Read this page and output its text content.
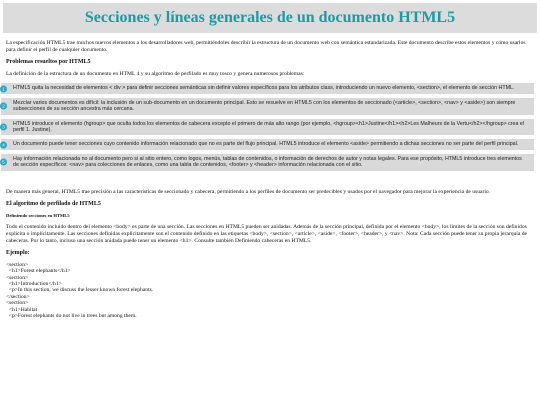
Secciones y líneas generales de un documento HTML5

La especificación HTML5 trae muchos nuevos elementos a los desarrolladores web, permitiéndoles describir la estructura de un documento web con semántica estandarizada. Este documento describe estos elementos y cómo usarlos para definir el perfil de cualquier documento.

Problemas resueltos por HTML5

La definición de la estructura de un documento en HTML 4 y su algoritmo de perfilado es muy tosco y genera numerosos problemas:

1	HTML5 quita la necesidad de elementos < div > para definir secciones semánticas sin definir valores específicos para los atributos class, introduciendo un nuevo elemento, <section>, el elemento de sección HTML.
2
Mezclar varios documentos es difícil: la inclusión de un sub-documento en un documento principal. Esto se resuelve en HTML5 con los elementos de seccionado (<article>, <section>, <nav> y <aside>) son siempre subsecciones de su sección ancestra más cercana.
3
HTML5 introduce el elemento (hgroup> que oculta todos los elementos de cabecera excepto el primero de más alto rango (por ejemplo, <hgroup><h1>Justine</h1><h2>Les Malheurs de la Vertu</h2></hgroup> crea el perfil 1. Justine).
4	Un documento puede tener secciones cuyo contenido información relacionado que no es parte del flujo principal. HTML5 introduce el elemento <aside> permitiendo a dichas secciones no ser parte del perfil principal.
5
Hay información relacionada no al documento pero si al sitio entero, como logos, menús, tablas de contenidos, o información de derechos de autor y notas legales. Para ese propósito, HTML5 introduce tres elementos de sección específicos: <nav> para colecciones de enlaces, como una tabla de contenidos, <footer> y <header> información relacionada con el sitio.

De manera más general, HTML5 trae precisión a las características de seccionado y cabecera, permitiendo a los perfiles de documento ser predecibles y usados por el navegador para mejorar la experiencia de usuario.

El algoritmo de perfilado de HTML5
Definiendo secciones en HTML5

Todo el contenido incluido dentro del elemento <body> es parte de una sección. Las secciones en HTML5 pueden ser anidadas. Además de la sección principal, definida por el elemento <body>, los límites de la sección son definidos explícita o implícitamente. Las secciones definidas explícitamente son el contenido definido en las etiquetas <body>, <section>, <article>, <aside>, <footer>, <header>, y <nav>. Nota: Cada sección puede tener su propia jerarquía de cabeceras. Por lo tanto, incluso una sección anidada puede tener un elemento <h1>. Consulte también Definiendo cabeceras en HTML5.

Ejemplo:
<section>
<h1>Forest elephants</h1>
<section>
<h1>Introduction</h1>
<p>In this section, we discuss the lesser known forest elephants.
</section>
<section>
<h1>Habitat
<p>Forest elephants do not live in trees but among them.
